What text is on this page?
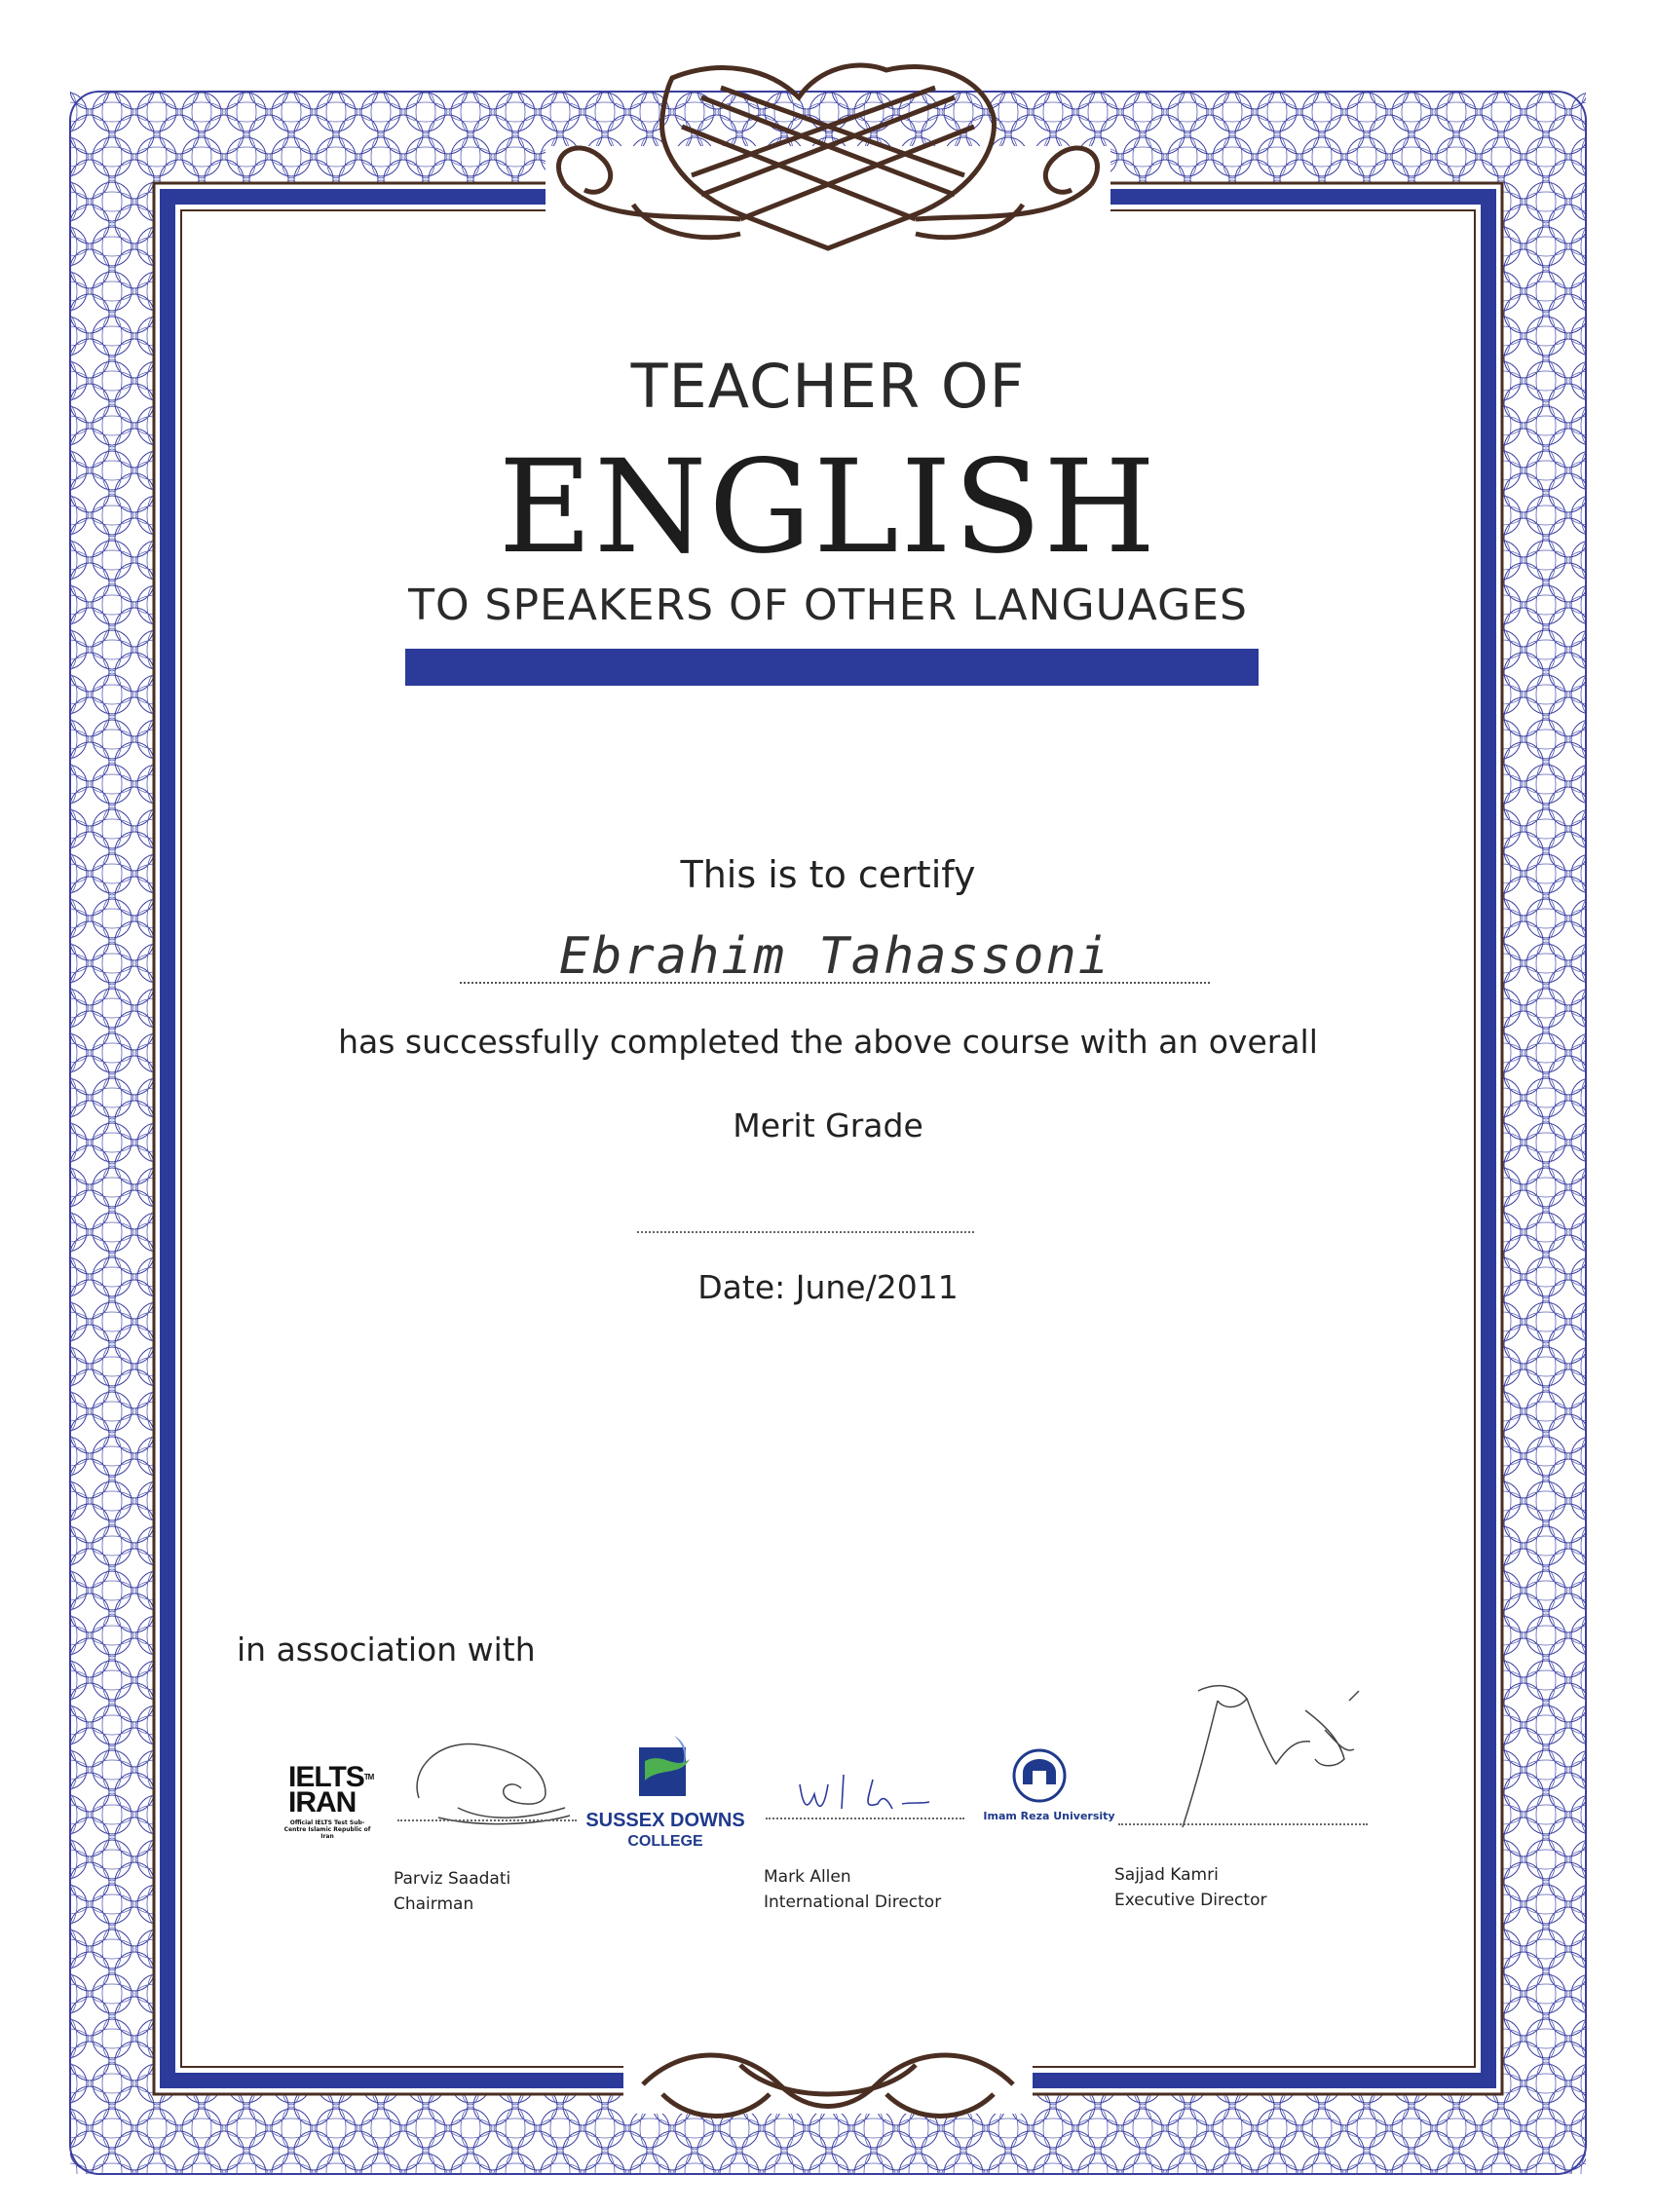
TEACHER OF
ENGLISH
TO SPEAKERS OF OTHER LANGUAGES
This is to certify
Ebrahim Tahassoni
has successfully completed the above course with an overall
Merit Grade
Date: June/2011
in association with
IELTS™
IRAN
Official IELTS Test Sub-Centre Islamic Republic of Iran
Parviz Saadati
Chairman
SUSSEX DOWNS
COLLEGE
Mark Allen
International Director
Imam Reza University
Sajjad Kamri
Executive Director
